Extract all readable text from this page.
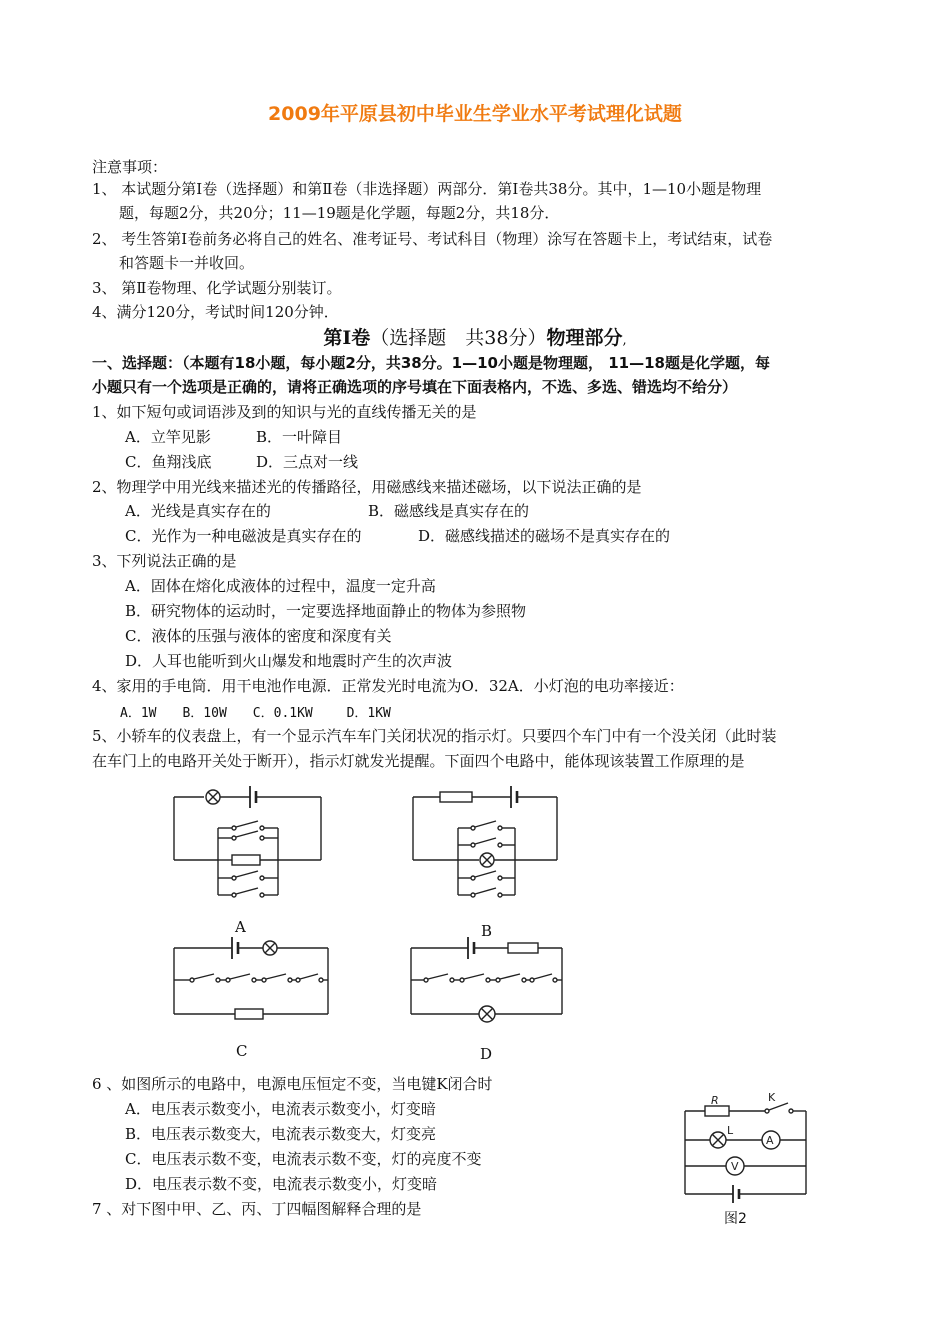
2009年平原县初中毕业生学业水平考试理化试题
注意事项：
1、 本试题分第Ⅰ卷（选择题）和第Ⅱ卷（非选择题）两部分．第Ⅰ卷共38分。其中，1—10小题是物理
题，每题2分，共20分；11—19题是化学题，每题2分，共18分．
2、 考生答第Ⅰ卷前务必将自己的姓名、准考证号、考试科目（物理）涂写在答题卡上，考试结束，试卷
和答题卡一并收回。
3、 第Ⅱ卷物理、化学试题分别装订。
4、满分120分，考试时间120分钟．
第Ⅰ卷（选择题　共38分）物理部分,
一、选择题：（本题有18小题，每小题2分，共38分。1—10小题是物理题， 11—18题是化学题，每
小题只有一个选项是正确的，请将正确选项的序号填在下面表格内，不选、多选、错选均不给分）
1、如下短句或词语涉及到的知识与光的直线传播无关的是
A．立竿见影	B．一叶障目
C．鱼翔浅底	D．三点对一线
2、物理学中用光线来描述光的传播路径，用磁感线来描述磁场，以下说法正确的是
A．光线是真实存在的	B．磁感线是真实存在的
C．光作为一种电磁波是真实存在的	D．磁感线描述的磁场不是真实存在的
3、下列说法正确的是
A．固体在熔化成液体的过程中，温度一定升高
B．研究物体的运动时，一定要选择地面静止的物体为参照物
C．液体的压强与液体的密度和深度有关
D．人耳也能听到火山爆发和地震时产生的次声波
4、家用的手电筒．用干电池作电源．正常发光时电流为O．32A．小灯泡的电功率接近：
A．1W　　B．10W　　C．0.1KW　　 D．1KW
5、小轿车的仪表盘上，有一个显示汽车车门关闭状况的指示灯。只要四个车门中有一个没关闭（此时装
在车门上的电路开关处于断开），指示灯就发光提醒。下面四个电路中，能体现该装置工作原理的是
A	B
C	D
6 、如图所示的电路中，电源电压恒定不变，当电键K闭合时
A．电压表示数变小，电流表示数变小，灯变暗
B．电压表示数变大，电流表示数变大，灯变亮
C．电压表示数不变，电流表示数不变，灯的亮度不变
D．电压表示数不变，电流表示数变小，灯变暗
7 、对下图中甲、乙、丙、丁四幅图解释合理的是
R	K
L
A
V
图2
